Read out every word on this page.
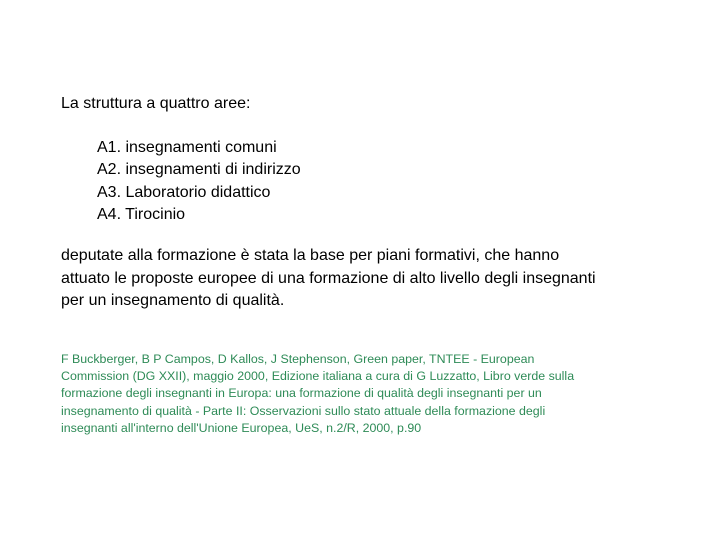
La struttura a quattro aree:

A1. insegnamenti comuni
A2. insegnamenti di indirizzo
A3. Laboratorio didattico
A4. Tirocinio

deputate alla formazione è stata la base per piani formativi, che hanno
attuato le proposte europee di una formazione di alto livello degli insegnanti
per un insegnamento di qualità.

F Buckberger, B P Campos, D Kallos, J Stephenson, Green paper, TNTEE - European
Commission (DG XXII), maggio 2000, Edizione italiana a cura di G Luzzatto, Libro verde sulla
formazione degli insegnanti in Europa: una formazione di qualità degli insegnanti per un
insegnamento di qualità - Parte II: Osservazioni sullo stato attuale della formazione degli
insegnanti all'interno dell'Unione Europea, UeS, n.2/R, 2000, p.90
